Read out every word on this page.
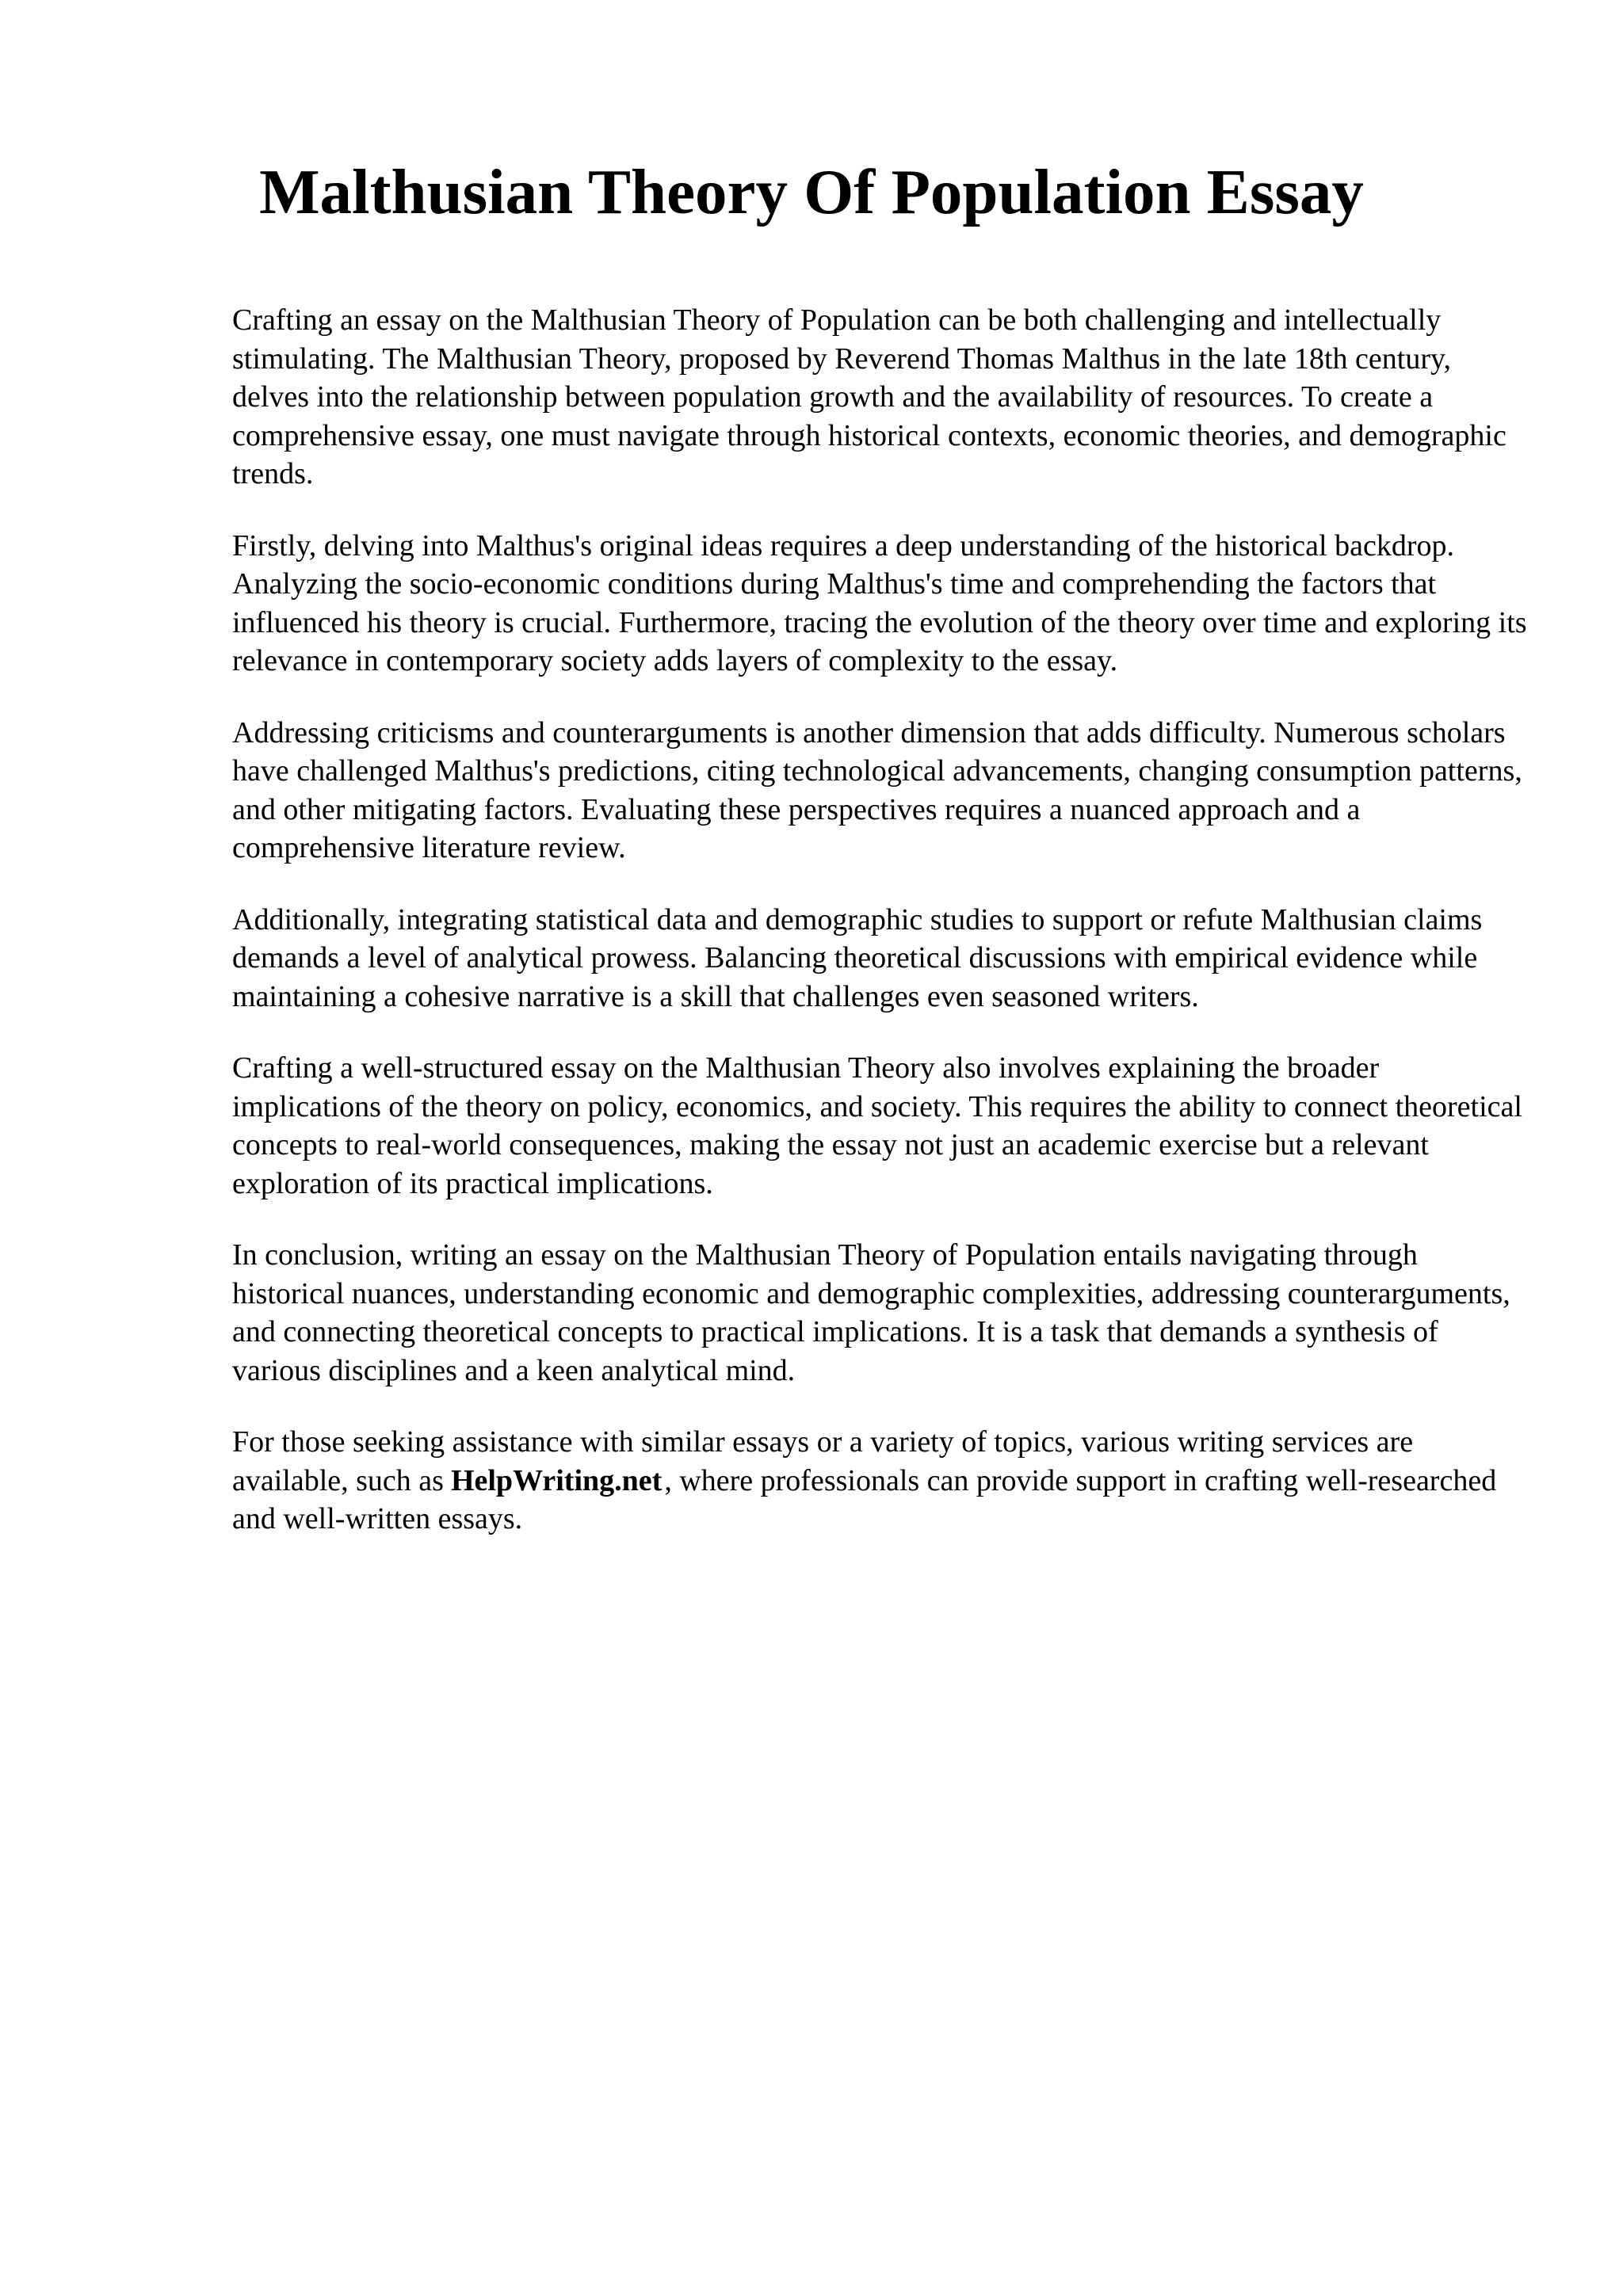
Malthusian Theory Of Population Essay

Crafting an essay on the Malthusian Theory of Population can be both challenging and intellectually stimulating. The Malthusian Theory, proposed by Reverend Thomas Malthus in the late 18th century, delves into the relationship between population growth and the availability of resources. To create a comprehensive essay, one must navigate through historical contexts, economic theories, and demographic trends.

Firstly, delving into Malthus's original ideas requires a deep understanding of the historical backdrop. Analyzing the socio-economic conditions during Malthus's time and comprehending the factors that influenced his theory is crucial. Furthermore, tracing the evolution of the theory over time and exploring its relevance in contemporary society adds layers of complexity to the essay.

Addressing criticisms and counterarguments is another dimension that adds difficulty. Numerous scholars have challenged Malthus's predictions, citing technological advancements, changing consumption patterns, and other mitigating factors. Evaluating these perspectives requires a nuanced approach and a comprehensive literature review.

Additionally, integrating statistical data and demographic studies to support or refute Malthusian claims demands a level of analytical prowess. Balancing theoretical discussions with empirical evidence while maintaining a cohesive narrative is a skill that challenges even seasoned writers.

Crafting a well-structured essay on the Malthusian Theory also involves explaining the broader implications of the theory on policy, economics, and society. This requires the ability to connect theoretical concepts to real-world consequences, making the essay not just an academic exercise but a relevant exploration of its practical implications.

In conclusion, writing an essay on the Malthusian Theory of Population entails navigating through historical nuances, understanding economic and demographic complexities, addressing counterarguments, and connecting theoretical concepts to practical implications. It is a task that demands a synthesis of various disciplines and a keen analytical mind.

For those seeking assistance with similar essays or a variety of topics, various writing services are available, such as HelpWriting.net, where professionals can provide support in crafting well-researched and well-written essays.
